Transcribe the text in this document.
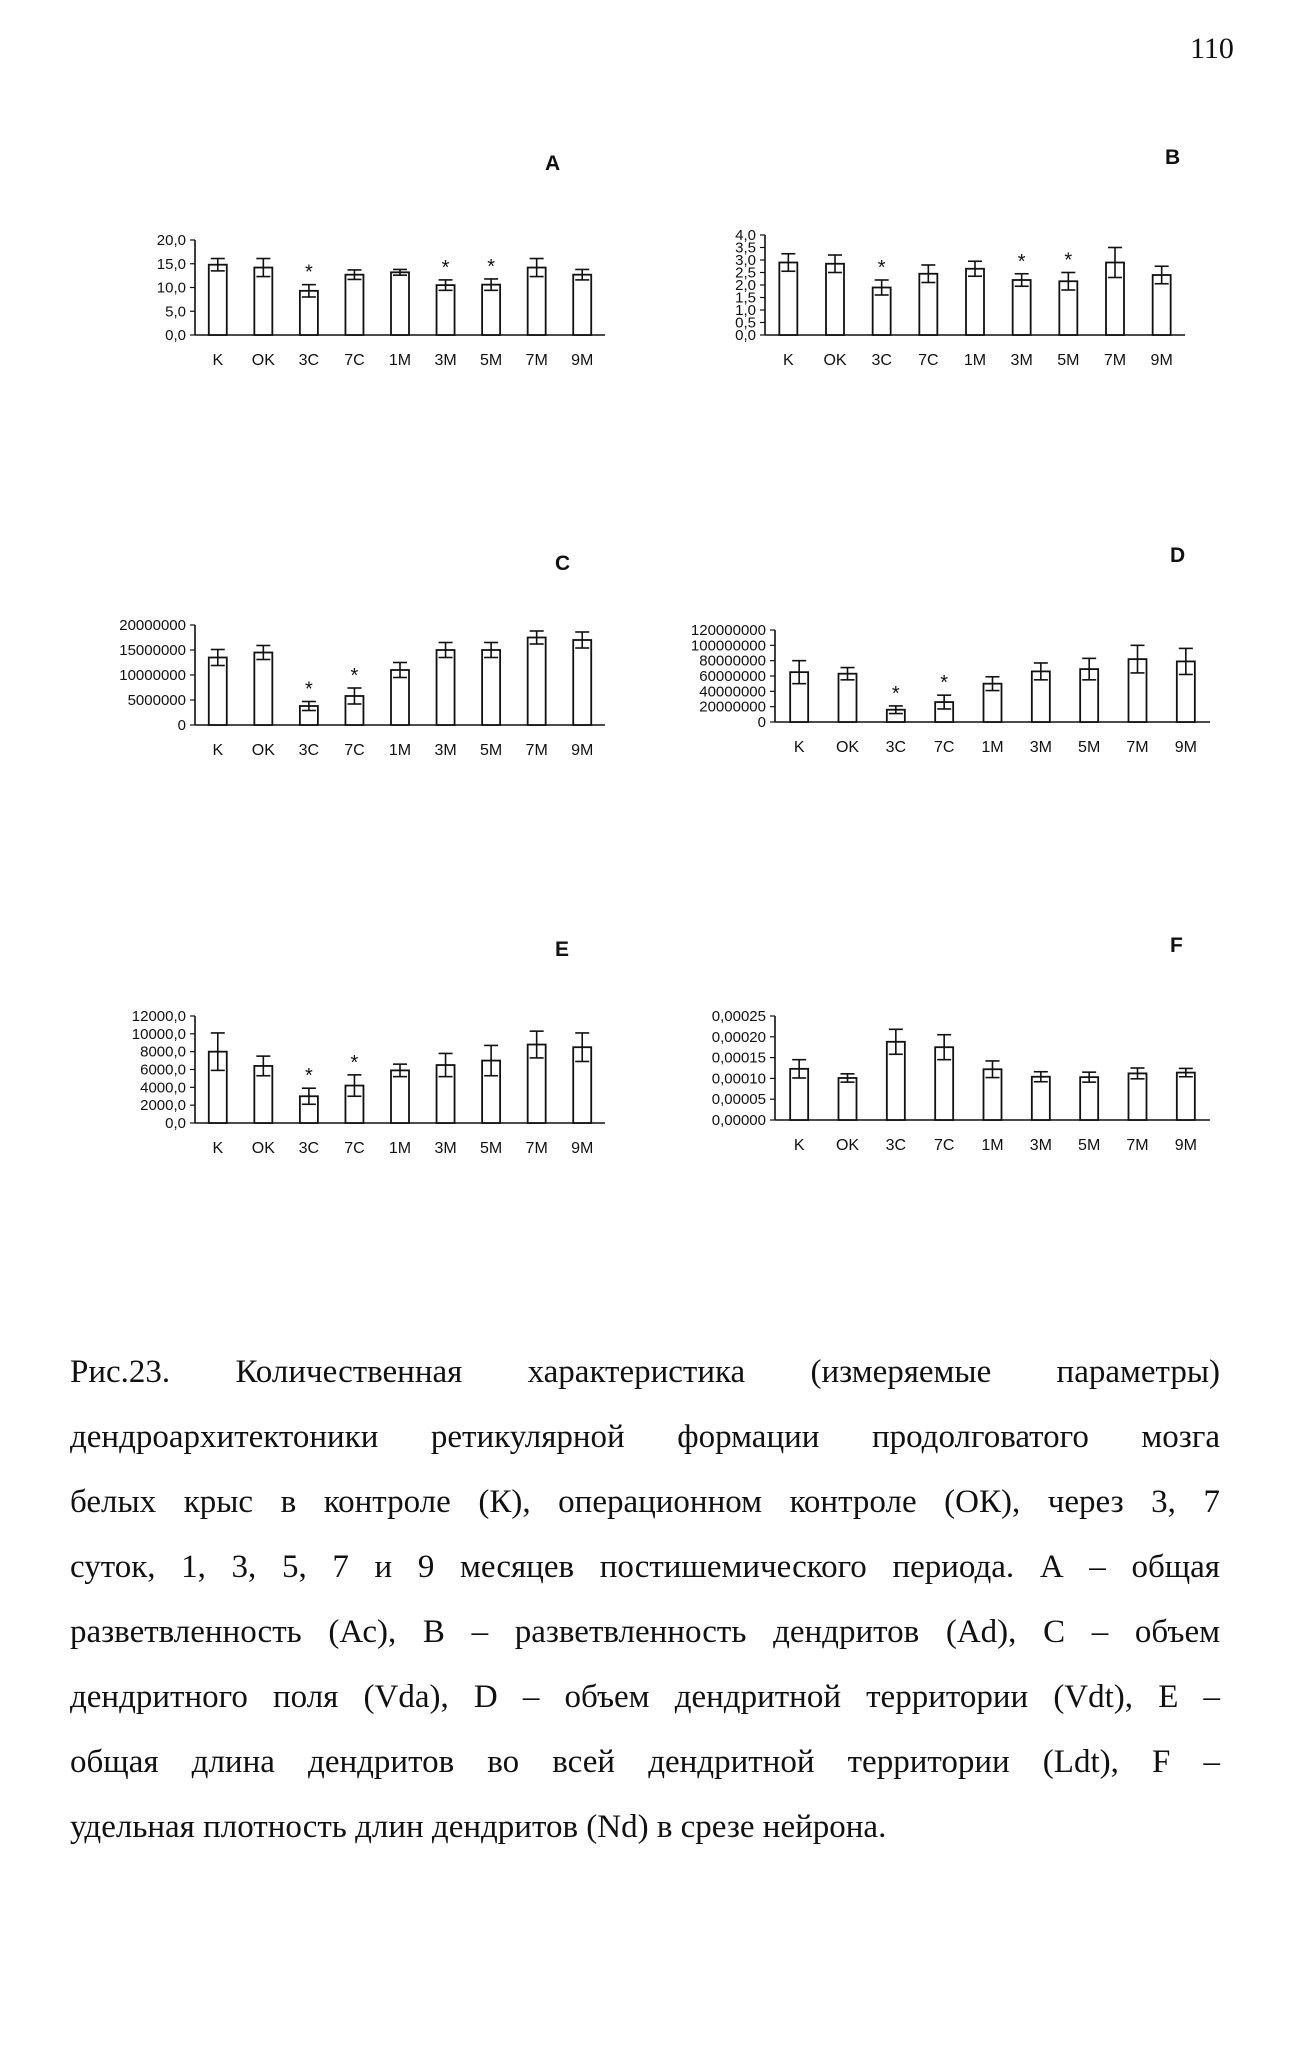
110
A
20,0
15,0
10,0
5,0
0,0
K OK
*
3C 7C 1M
*
3M
*
5M 7M 9M
B
4,0
3,5
3,0
2,5
2,0
1,5
1,0
0,5
0,0
K OK
*
3C 7C 1M
*
3M
*
5M 7M 9M
C
20000000
15000000
10000000
5000000
0
K OK
*
3C
*
7C 1M 3M 5M 7M 9M
D
120000000
100000000
80000000
60000000
40000000
20000000
0
K OK
*
3C
*
7C 1M 3M 5M 7M 9M
E
12000,0
10000,0
8000,0
6000,0
4000,0
2000,0
0,0
K OK
*
3C
*
7C 1M 3M 5M 7M 9M
F
0,00025
0,00020
0,00015
0,00010
0,00005
0,00000
K OK 3C 7C 1M 3M 5M 7M 9M
Рис.23. Количественная характеристика (измеряемые параметры)
дендроархитектоники ретикулярной формации продолговатого мозга
белых крыс в контроле (К), операционном контроле (ОК), через 3, 7
суток, 1, 3, 5, 7 и 9 месяцев постишемического периода. А – общая
разветвленность (Ас), В – разветвленность дендритов (Ad), С – объем
дендритного поля (Vda), D – объем дендритной территории (Vdt), Е –
общая длина дендритов во всей дендритной территории (Ldt), F –
удельная плотность длин дендритов (Nd) в срезе нейрона.
